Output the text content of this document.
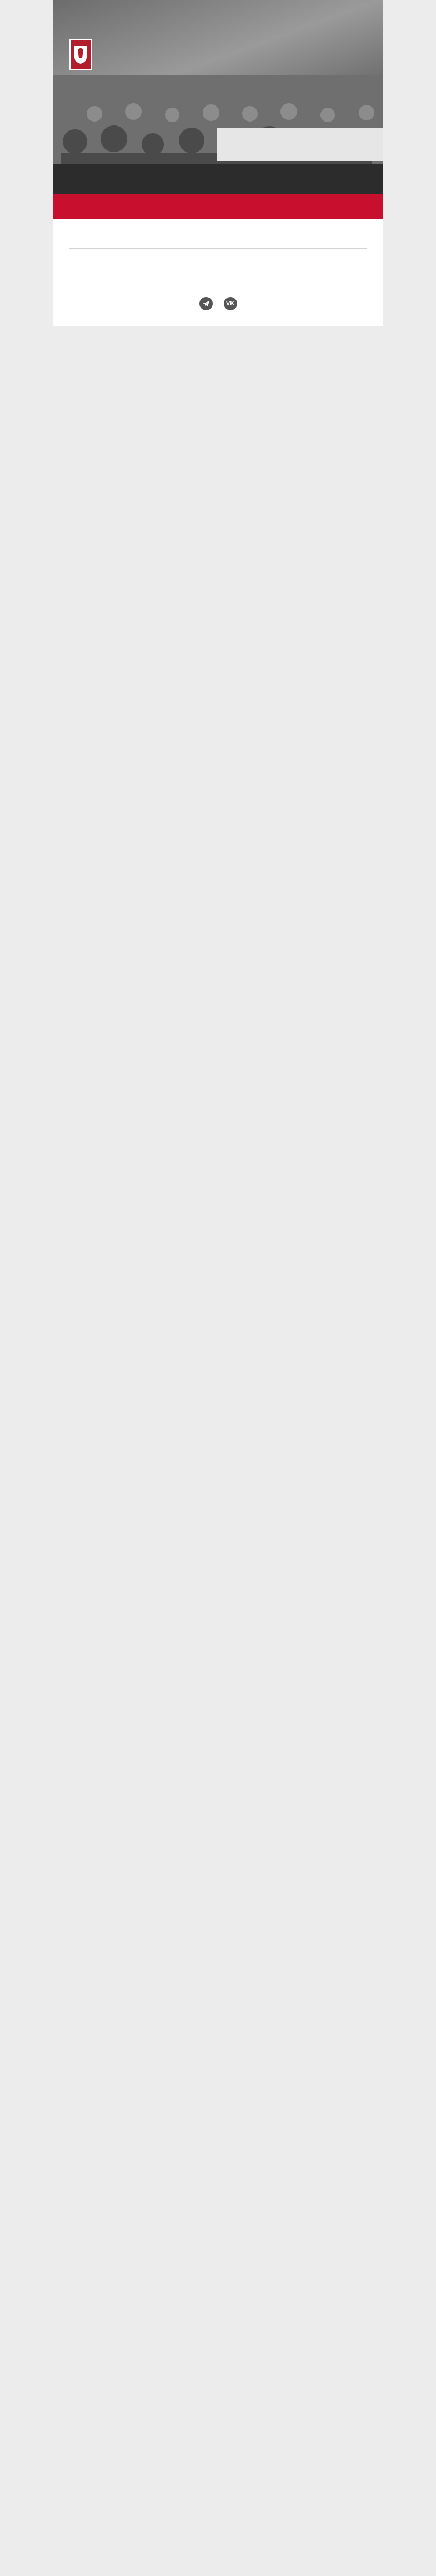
VK
